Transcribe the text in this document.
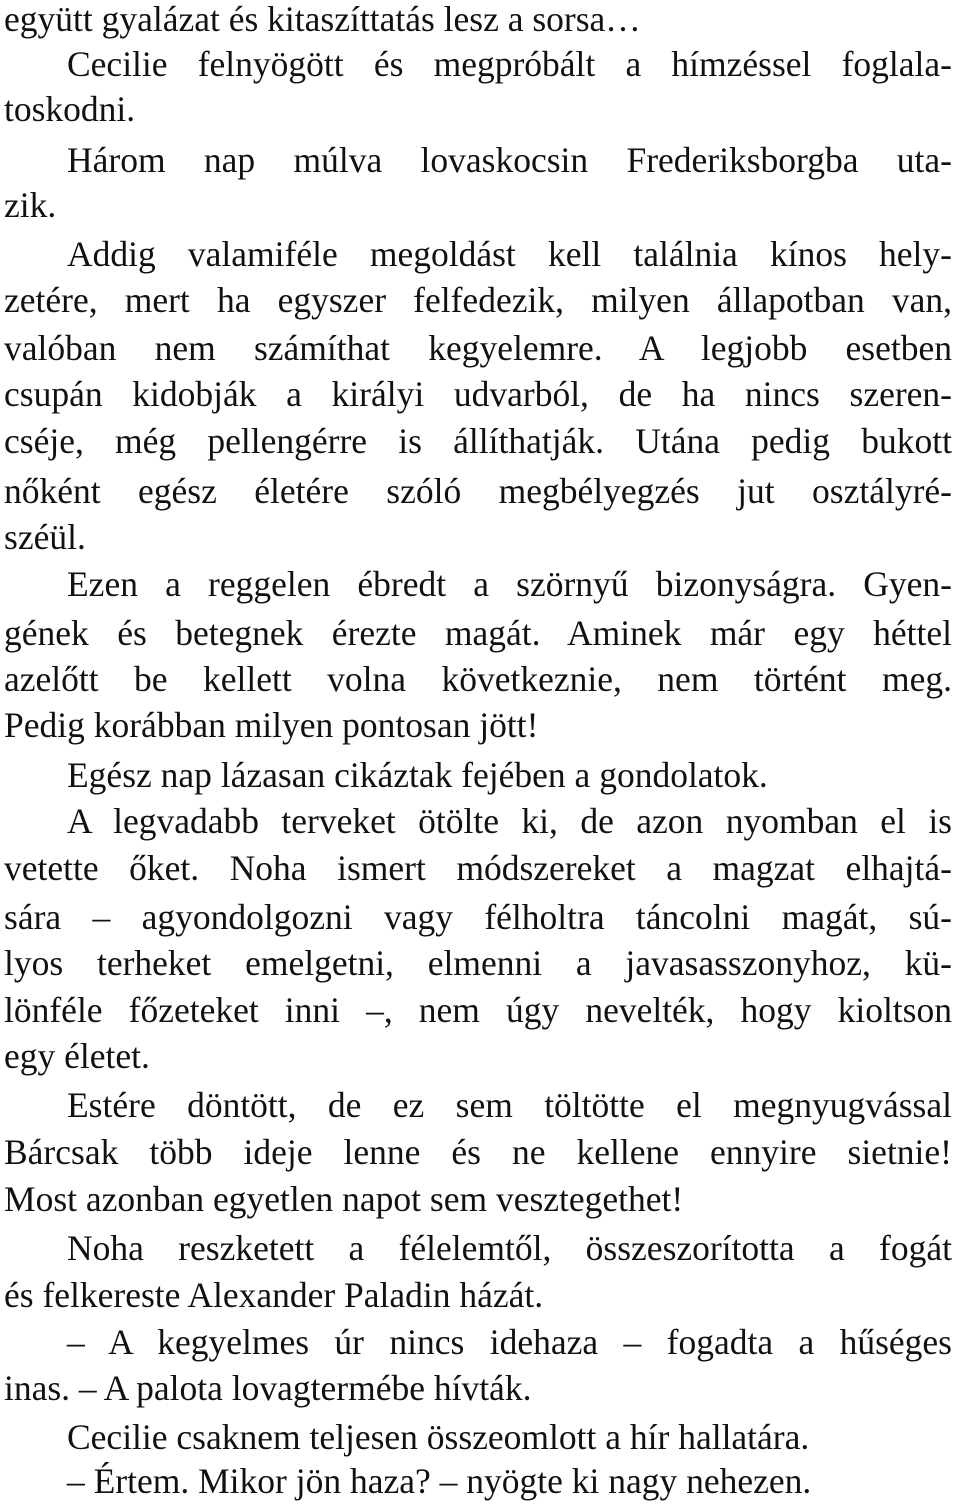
együtt gyalázat és kitaszíttatás lesz a sorsa…
Cecilie felnyögött és megpróbált a hímzéssel foglala-
toskodni.
Három nap múlva lovaskocsin Frederiksborgba uta-
zik.
Addig valamiféle megoldást kell találnia kínos hely-
zetére, mert ha egyszer felfedezik, milyen állapotban van,
valóban nem számíthat kegyelemre. A legjobb esetben
csupán kidobják a királyi udvarból, de ha nincs szeren-
cséje, még pellengérre is állíthatják. Utána pedig bukott
nőként egész életére szóló megbélyegzés jut osztályré-
széül.
Ezen a reggelen ébredt a szörnyű bizonyságra. Gyen-
gének és betegnek érezte magát. Aminek már egy héttel
azelőtt be kellett volna következnie, nem történt meg.
Pedig korábban milyen pontosan jött!
Egész nap lázasan cikáztak fejében a gondolatok.
A legvadabb terveket ötölte ki, de azon nyomban el is
vetette őket. Noha ismert módszereket a magzat elhajtá-
sára – agyondolgozni vagy félholtra táncolni magát, sú-
lyos terheket emelgetni, elmenni a javasasszonyhoz, kü-
lönféle főzeteket inni –, nem úgy nevelték, hogy kioltson
egy életet.
Estére döntött, de ez sem töltötte el megnyugvással
Bárcsak több ideje lenne és ne kellene ennyire sietnie!
Most azonban egyetlen napot sem vesztegethet!
Noha reszketett a félelemtől, összeszorította a fogát
és felkereste Alexander Paladin házát.
– A kegyelmes úr nincs idehaza – fogadta a hűséges
inas. – A palota lovagtermébe hívták.
Cecilie csaknem teljesen összeomlott a hír hallatára.
– Értem. Mikor jön haza? – nyögte ki nagy nehezen.
